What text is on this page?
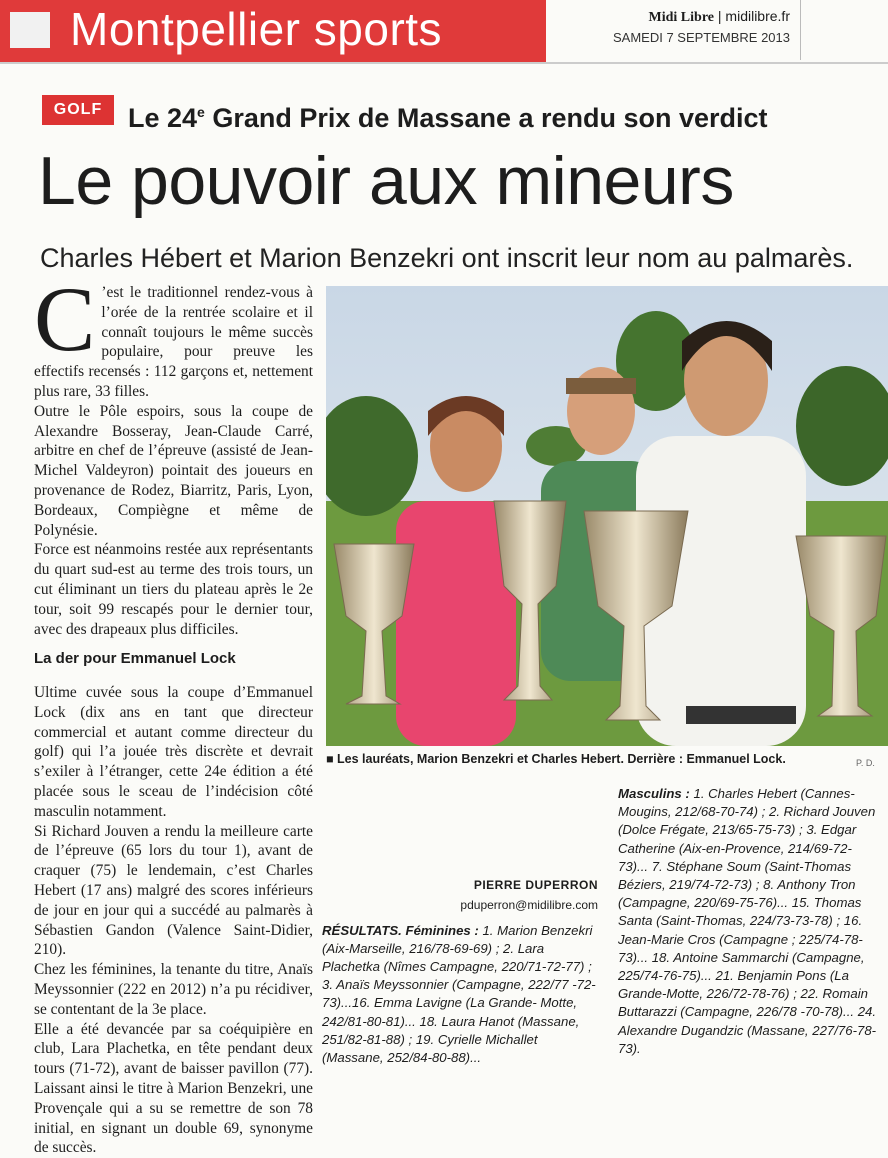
Montpellier sports	Midi Libre | midilibre.fr
SAMEDI 7 SEPTEMBRE 2013
GOLF Le 24e Grand Prix de Massane a rendu son verdict
Le pouvoir aux mineurs
Charles Hébert et Marion Benzekri ont inscrit leur nom au palmarès.

C ’est le traditionnel rendez-vous à l’orée de la rentrée scolaire et il connaît toujours le même succès populaire, pour preuve les effectifs recensés : 112 garçons et, nettement plus rare, 33 filles.

Outre le Pôle espoirs, sous la coupe de Alexandre Bosseray, Jean-Claude Carré, arbitre en chef de l’épreuve (assisté de Jean-Michel Valdeyron) pointait des joueurs en provenance de Rodez, Biarritz, Paris, Lyon, Bordeaux, Compiègne et même de Polynésie.

Force est néanmoins restée aux représentants du quart sud-est au terme des trois tours, un cut éliminant un tiers du plateau après le 2e tour, soit 99 rescapés pour le dernier tour, avec des drapeaux plus difficiles.

La der pour Emmanuel Lock

Ultime cuvée sous la coupe d’Emmanuel Lock (dix ans en tant que directeur commercial et autant comme directeur du golf) qui l’a jouée très discrète et devrait s’exiler à l’étranger, cette 24e édition a été placée sous le sceau de l’indécision côté masculin notamment.

Si Richard Jouven a rendu la meilleure carte de l’épreuve (65 lors du tour 1), avant de craquer (75) le lendemain, c’est Charles Hebert (17 ans) malgré des scores inférieurs de jour en jour qui a succédé au palmarès à Sébastien Gandon (Valence Saint-Didier, 210).

Chez les féminines, la tenante du titre, Anaïs Meyssonnier (222 en 2012) n’a pu récidiver, se contentant de la 3e place.

Elle a été devancée par sa coéquipière en club, Lara Plachetka, en tête pendant deux tours (71-72), avant de baisser pavillon (77). Laissant ainsi le titre à Marion Benzekri, une Provençale qui a su se remettre de son 78 initial, en signant un double 69, synonyme de succès.

PIERRE DUPERRON
pduperron@midilibre.com

RÉSULTATS. Féminines : 1. Marion Benzekri (Aix-Marseille, 216/78-69-69) ; 2. Lara Plachetka (Nîmes Campagne, 220/71-72-77) ; 3. Anaïs Meyssonnier (Campagne, 222/77 -72-73)...16. Emma Lavigne (La Grande- Motte, 242/81-80-81)... 18. Laura Hanot (Massane, 251/82-81-88) ; 19. Cyrielle Michallet (Massane, 252/84-80-88)...

Masculins : 1. Charles Hebert (Cannes-Mougins, 212/68-70-74) ; 2. Richard Jouven (Dolce Frégate, 213/65-75-73) ; 3. Edgar Catherine (Aix-en-Provence, 214/69-72-73)... 7. Stéphane Soum (Saint-Thomas Béziers, 219/74-72-73) ; 8. Anthony Tron (Campagne, 220/69-75-76)... 15. Thomas Santa (Saint-Thomas, 224/73-73-78) ; 16. Jean-Marie Cros (Campagne ; 225/74-78-73)... 18. Antoine Sammarchi (Campagne, 225/74-76-75)... 21. Benjamin Pons (La Grande-Motte, 226/72-78-76) ; 22. Romain Buttarazzi (Campagne, 226/78 -70-78)... 24. Alexandre Dugandzic (Massane, 227/76-78-73).

■ Les lauréats, Marion Benzekri et Charles Hebert. Derrière : Emmanuel Lock.	P. D.
